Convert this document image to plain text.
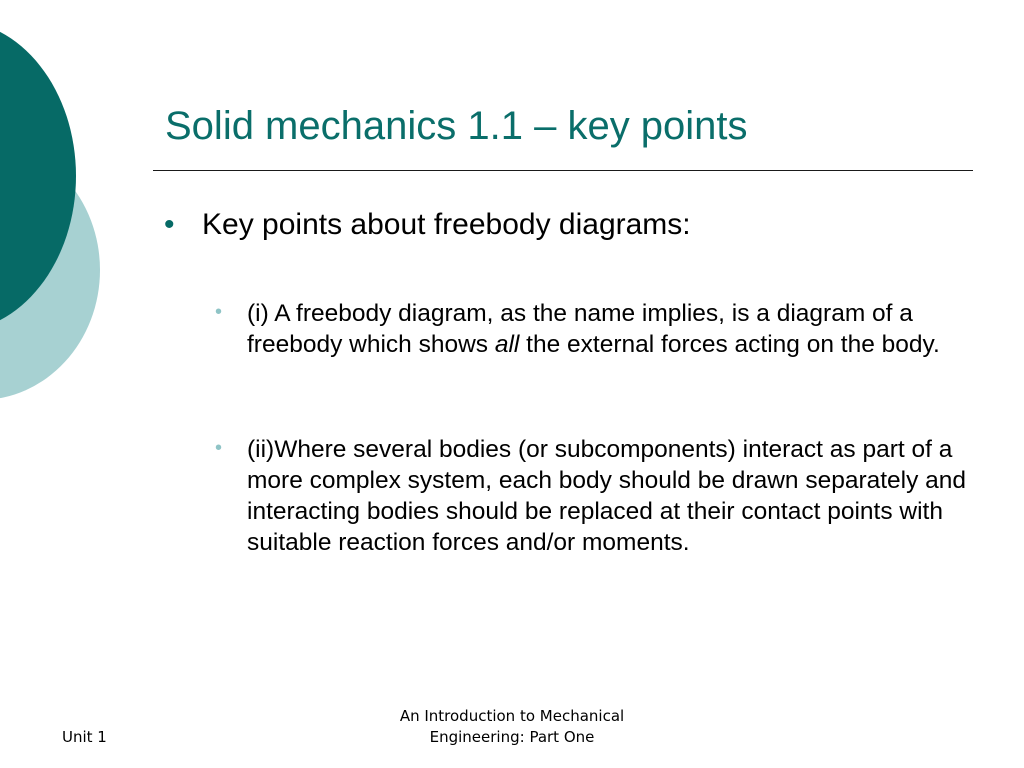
Solid mechanics 1.1 – key points
• Key points about freebody diagrams:
• (i) A freebody diagram, as the name implies, is a diagram of a freebody which shows all the external forces acting on the body.
• (ii)Where several bodies (or subcomponents) interact as part of a more complex system, each body should be drawn separately and interacting bodies should be replaced at their contact points with suitable reaction forces and/or moments.
Unit 1
An Introduction to Mechanical
Engineering: Part One
